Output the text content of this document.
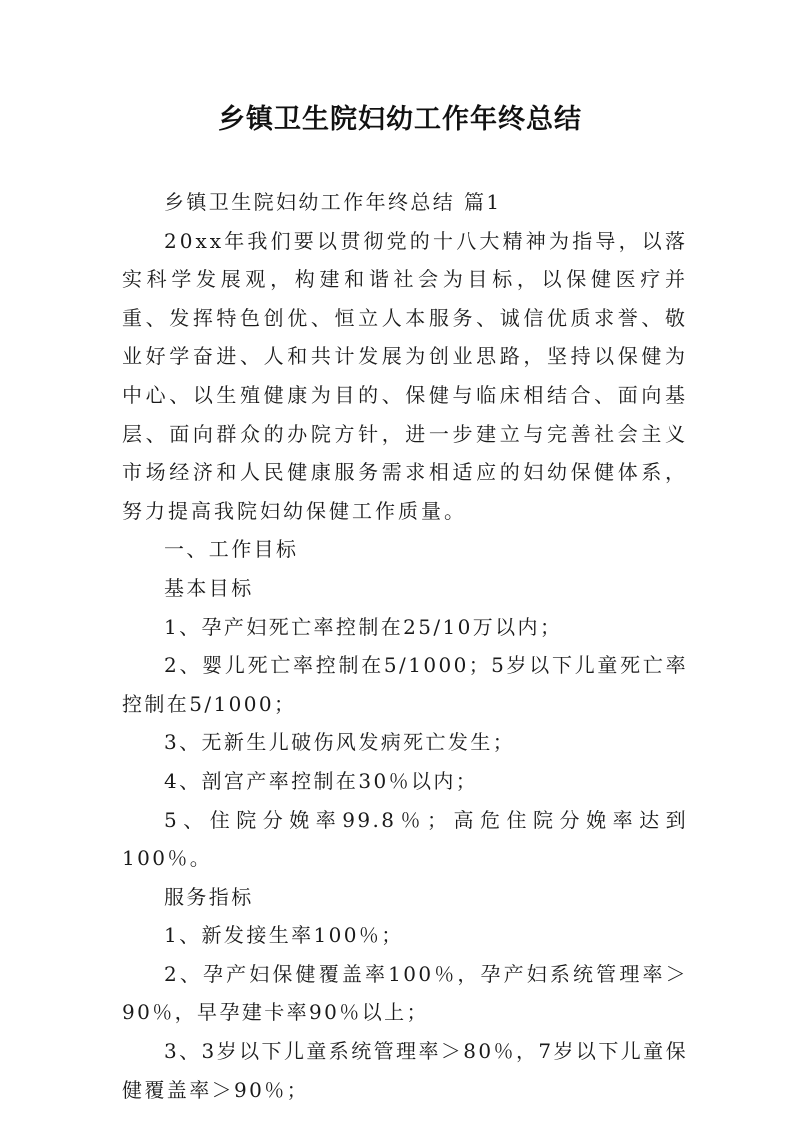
乡镇卫生院妇幼工作年终总结

乡镇卫生院妇幼工作年终总结 篇1

20xx年我们要以贯彻党的十八大精神为指导，以落实科学发展观，构建和谐社会为目标，以保健医疗并重、发挥特色创优、恒立人本服务、诚信优质求誉、敬业好学奋进、人和共计发展为创业思路，坚持以保健为中心、以生殖健康为目的、保健与临床相结合、面向基层、面向群众的办院方针，进一步建立与完善社会主义市场经济和人民健康服务需求相适应的妇幼保健体系，努力提高我院妇幼保健工作质量。

一、工作目标

基本目标

1、孕产妇死亡率控制在25/10万以内；

2、婴儿死亡率控制在5/1000；5岁以下儿童死亡率控制在5/1000；

3、无新生儿破伤风发病死亡发生；

4、剖宫产率控制在30％以内；

5、住院分娩率99.8％；高危住院分娩率达到100％。

服务指标

1、新发接生率100％；

2、孕产妇保健覆盖率100％，孕产妇系统管理率＞90％，早孕建卡率90％以上；

3、3岁以下儿童系统管理率＞80％，7岁以下儿童保健覆盖率＞90％；
